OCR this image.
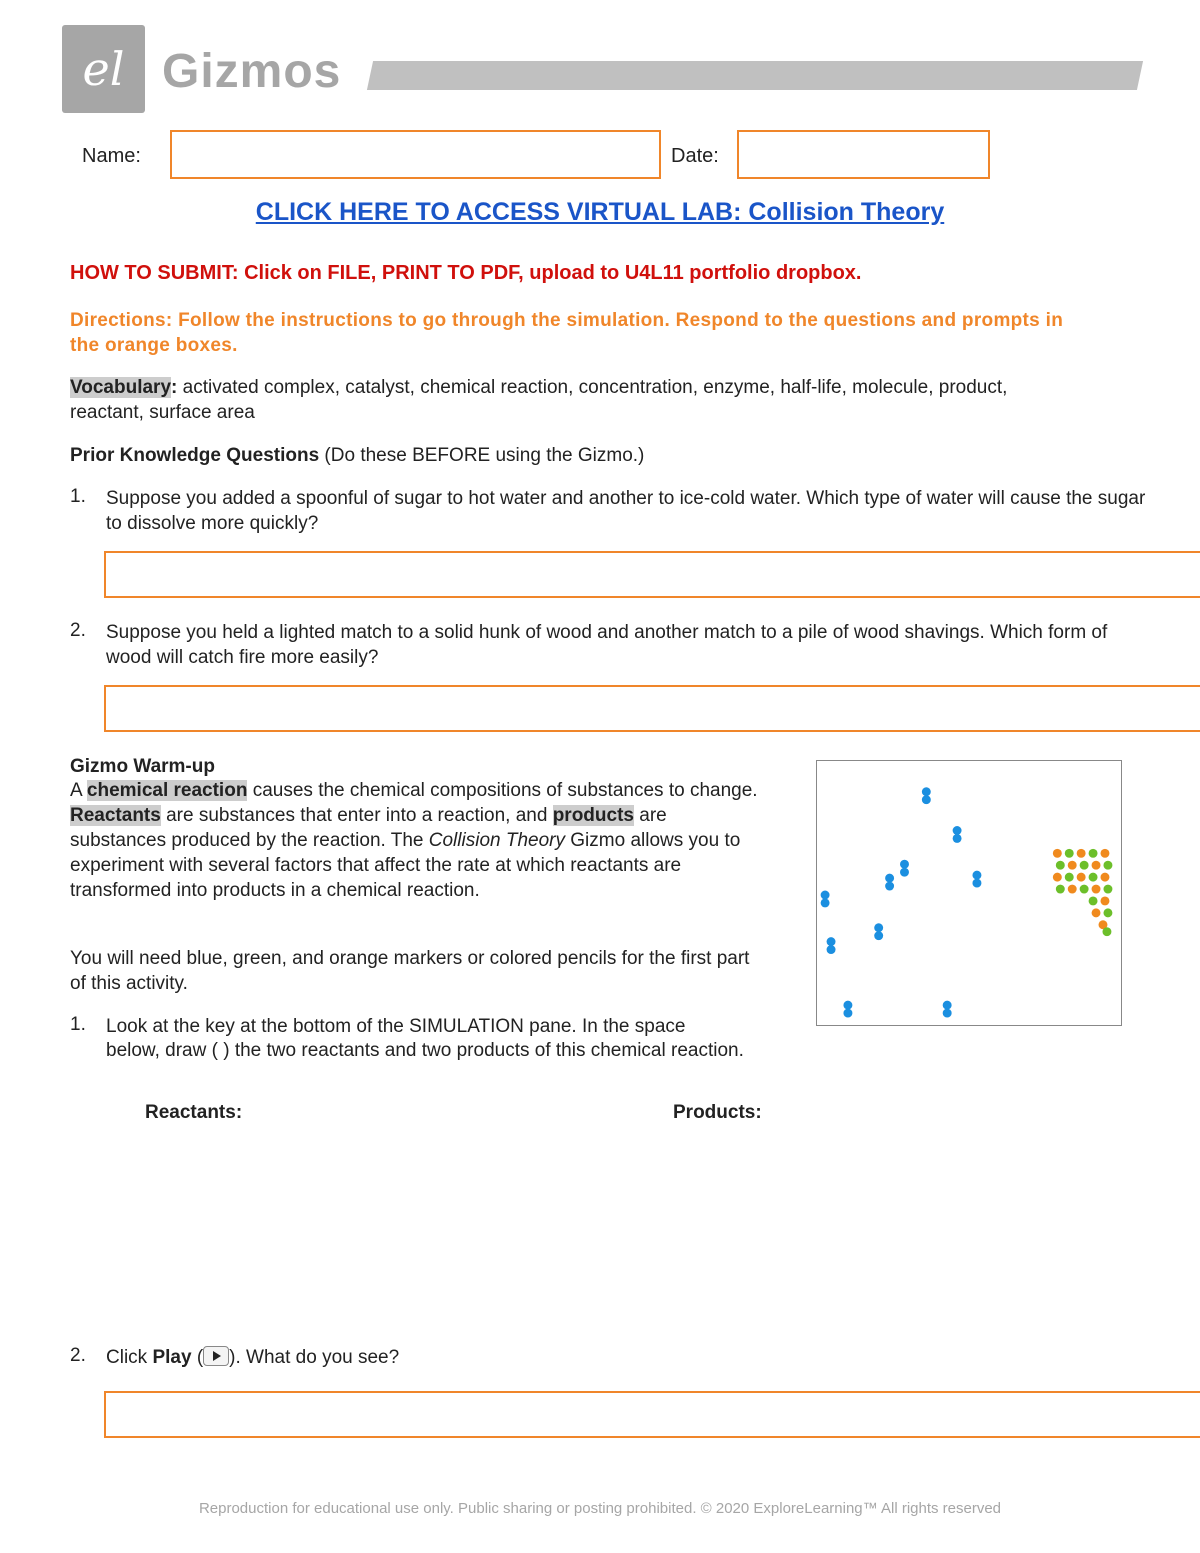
el Gizmos
Name:	Date:
CLICK HERE TO ACCESS VIRTUAL LAB: Collision Theory
HOW TO SUBMIT: Click on FILE, PRINT TO PDF, upload to U4L11 portfolio dropbox.
Directions: Follow the instructions to go through the simulation. Respond to the questions and prompts in the orange boxes.
Vocabulary: activated complex, catalyst, chemical reaction, concentration, enzyme, half-life, molecule, product, reactant, surface area
Prior Knowledge Questions (Do these BEFORE using the Gizmo.)
1. Suppose you added a spoonful of sugar to hot water and another to ice-cold water. Which type of water will cause the sugar to dissolve more quickly?
2. Suppose you held a lighted match to a solid hunk of wood and another match to a pile of wood shavings. Which form of wood will catch fire more easily?
Gizmo Warm-up
A chemical reaction causes the chemical compositions of substances to change. Reactants are substances that enter into a reaction, and products are substances produced by the reaction. The Collision Theory Gizmo allows you to experiment with several factors that affect the rate at which reactants are transformed into products in a chemical reaction.
You will need blue, green, and orange markers or colored pencils for the first part of this activity.
1. Look at the key at the bottom of the SIMULATION pane. In the space
below, draw ( ) the two reactants and two products of this chemical reaction.
Reactants:	Products:
2. Click Play ( ). What do you see?
Reproduction for educational use only. Public sharing or posting prohibited. © 2020 ExploreLearning™ All rights reserved
